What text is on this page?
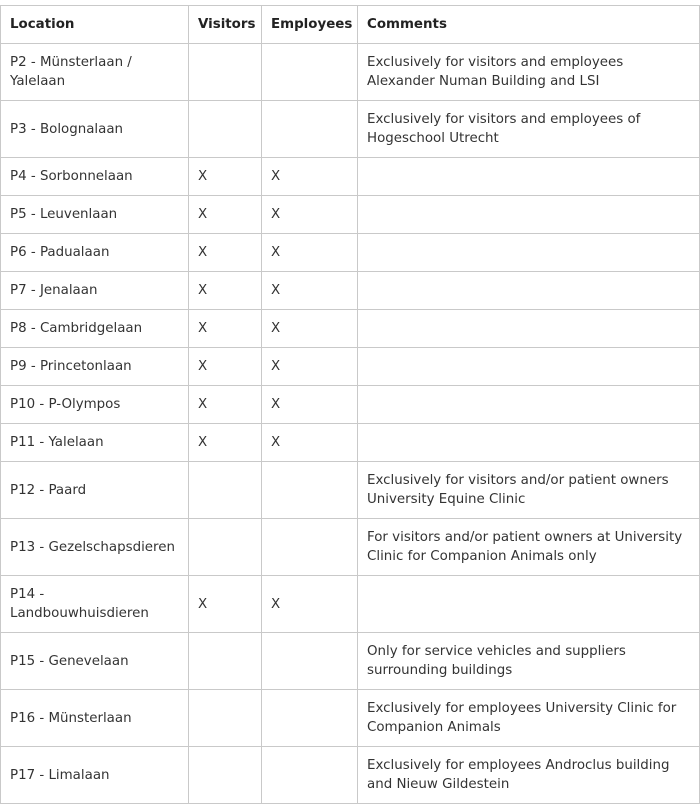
Location	Visitors	Employees	Comments
P2 - Münsterlaan / Yalelaan			Exclusively for visitors and employees Alexander Numan Building and LSI
P3 - Bolognalaan			Exclusively for visitors and employees of Hogeschool Utrecht
P4 - Sorbonnelaan	X	X	
P5 - Leuvenlaan	X	X	
P6 - Padualaan	X	X	
P7 - Jenalaan	X	X	
P8 - Cambridgelaan	X	X	
P9 - Princetonlaan	X	X	
P10 - P-Olympos	X	X	
P11 - Yalelaan	X	X	
P12 - Paard			Exclusively for visitors and/or patient owners University Equine Clinic
P13 - Gezelschapsdieren			For visitors and/or patient owners at University Clinic for Companion Animals only
P14 - Landbouwhuisdieren	X	X	
P15 - Genevelaan			Only for service vehicles and suppliers surrounding buildings
P16 - Münsterlaan			Exclusively for employees University Clinic for Companion Animals
P17 - Limalaan			Exclusively for employees Androclus building and Nieuw Gildestein
